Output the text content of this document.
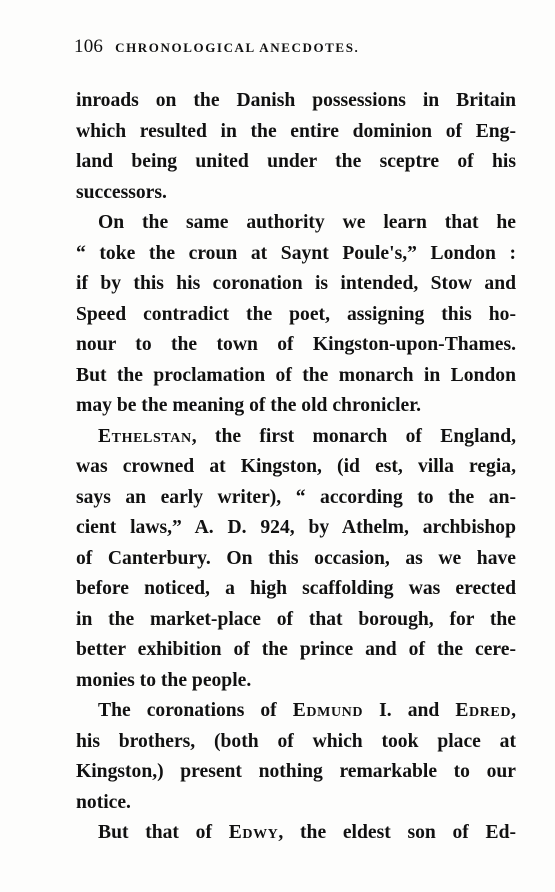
106 CHRONOLOGICAL ANECDOTES.
inroads on the Danish possessions in Britain
which resulted in the entire dominion of Eng-
land being united under the sceptre of his
successors.
On the same authority we learn that he
“ toke the croun at Saynt Poule's,” London :
if by this his coronation is intended, Stow and
Speed contradict the poet, assigning this ho-
nour to the town of Kingston-upon-Thames.
But the proclamation of the monarch in London
may be the meaning of the old chronicler.
Ethelstan, the first monarch of England,
was crowned at Kingston, (id est, villa regia,
says an early writer), “ according to the an-
cient laws,” A. D. 924, by Athelm, archbishop
of Canterbury. On this occasion, as we have
before noticed, a high scaffolding was erected
in the market-place of that borough, for the
better exhibition of the prince and of the cere-
monies to the people.
The coronations of Edmund I. and Edred,
his brothers, (both of which took place at
Kingston,) present nothing remarkable to our
notice.
But that of Edwy, the eldest son of Ed-
